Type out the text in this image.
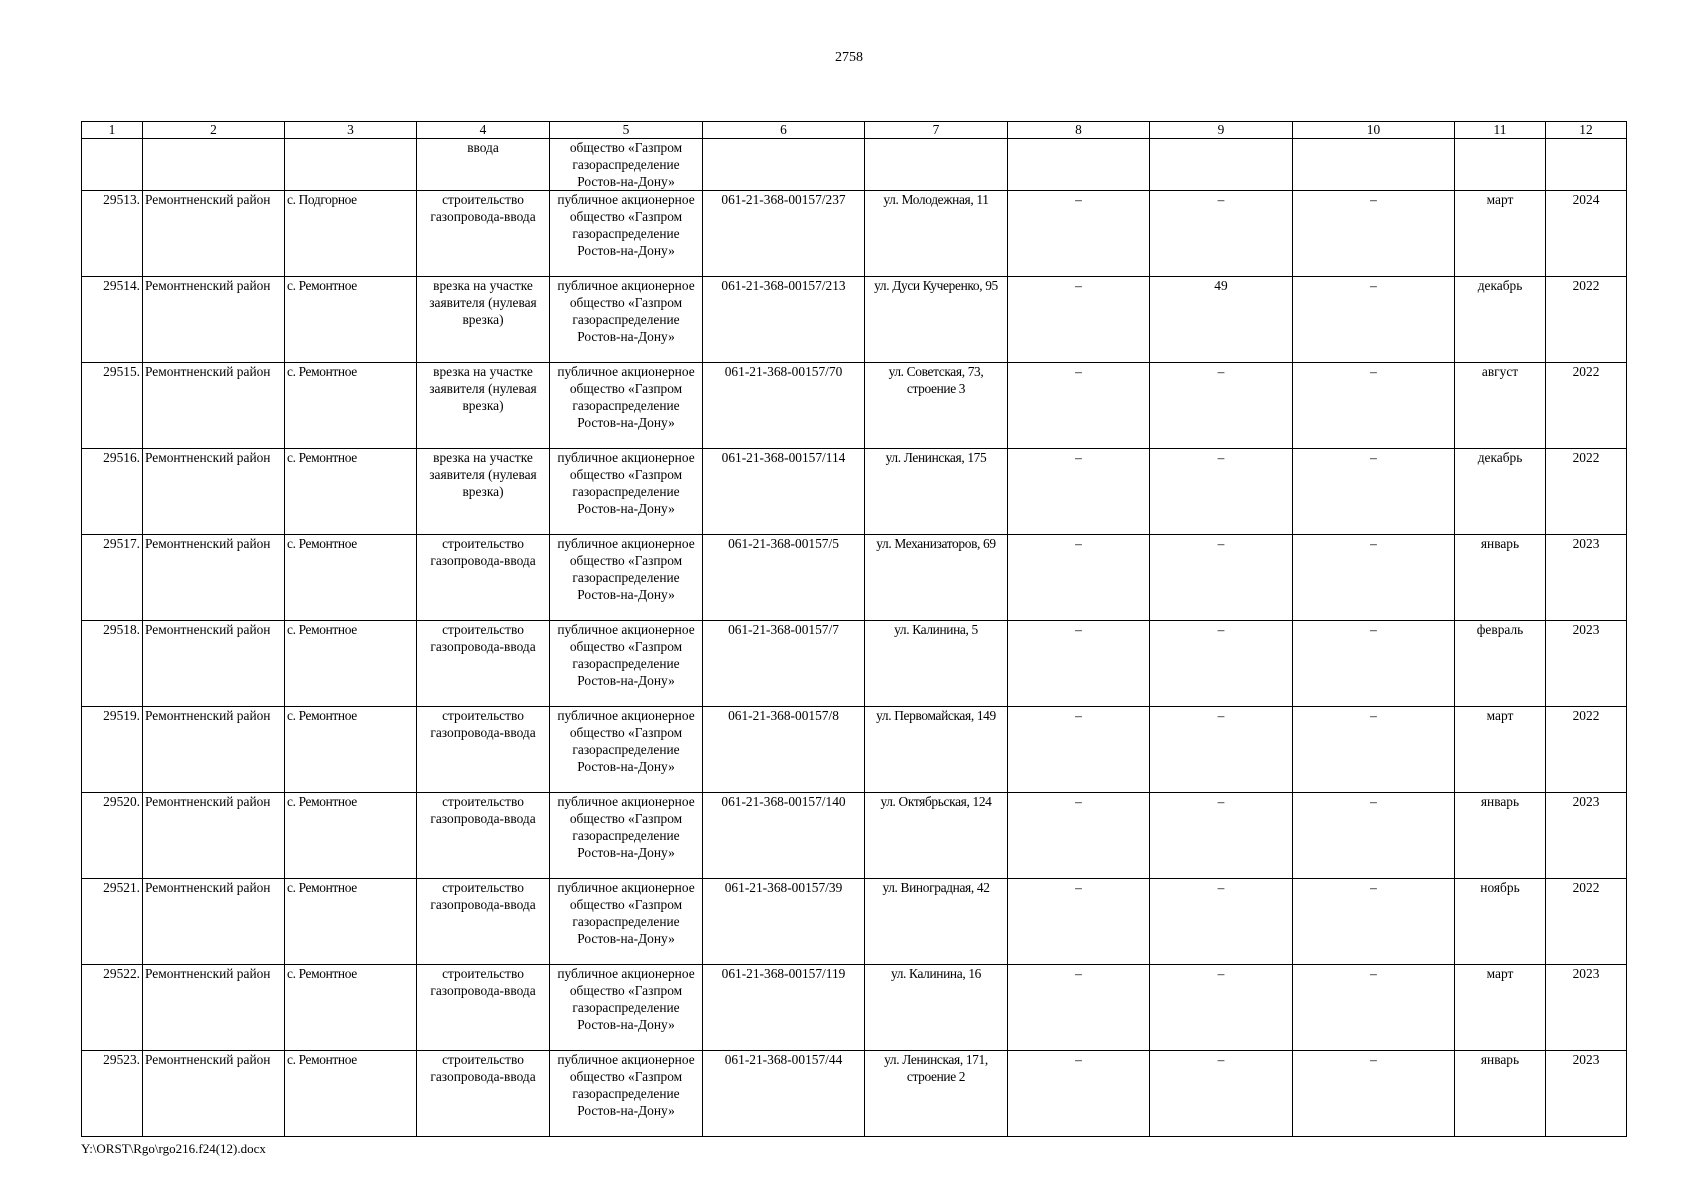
2758
1	2	3	4	5	6	7	8	9	10	11	12
			ввода	общество «Газпром газораспределение Ростов-на-Дону»							
29513.	Ремонтненский район	с. Подгорное	строительство газопровода-ввода	публичное акционерное общество «Газпром газораспределение Ростов-на-Дону»	061-21-368-00157/237	ул. Молодежная, 11	–	–	–	март	2024
29514.	Ремонтненский район	с. Ремонтное	врезка на участке заявителя (нулевая врезка)	публичное акционерное общество «Газпром газораспределение Ростов-на-Дону»	061-21-368-00157/213	ул. Дуси Кучеренко, 95	–	49	–	декабрь	2022
29515.	Ремонтненский район	с. Ремонтное	врезка на участке заявителя (нулевая врезка)	публичное акционерное общество «Газпром газораспределение Ростов-на-Дону»	061-21-368-00157/70	ул. Советская, 73, строение 3	–	–	–	август	2022
29516.	Ремонтненский район	с. Ремонтное	врезка на участке заявителя (нулевая врезка)	публичное акционерное общество «Газпром газораспределение Ростов-на-Дону»	061-21-368-00157/114	ул. Ленинская, 175	–	–	–	декабрь	2022
29517.	Ремонтненский район	с. Ремонтное	строительство газопровода-ввода	публичное акционерное общество «Газпром газораспределение Ростов-на-Дону»	061-21-368-00157/5	ул. Механизаторов, 69	–	–	–	январь	2023
29518.	Ремонтненский район	с. Ремонтное	строительство газопровода-ввода	публичное акционерное общество «Газпром газораспределение Ростов-на-Дону»	061-21-368-00157/7	ул. Калинина, 5	–	–	–	февраль	2023
29519.	Ремонтненский район	с. Ремонтное	строительство газопровода-ввода	публичное акционерное общество «Газпром газораспределение Ростов-на-Дону»	061-21-368-00157/8	ул. Первомайская, 149	–	–	–	март	2022
29520.	Ремонтненский район	с. Ремонтное	строительство газопровода-ввода	публичное акционерное общество «Газпром газораспределение Ростов-на-Дону»	061-21-368-00157/140	ул. Октябрьская, 124	–	–	–	январь	2023
29521.	Ремонтненский район	с. Ремонтное	строительство газопровода-ввода	публичное акционерное общество «Газпром газораспределение Ростов-на-Дону»	061-21-368-00157/39	ул. Виноградная, 42	–	–	–	ноябрь	2022
29522.	Ремонтненский район	с. Ремонтное	строительство газопровода-ввода	публичное акционерное общество «Газпром газораспределение Ростов-на-Дону»	061-21-368-00157/119	ул. Калинина, 16	–	–	–	март	2023
29523.	Ремонтненский район	с. Ремонтное	строительство газопровода-ввода	публичное акционерное общество «Газпром газораспределение Ростов-на-Дону»	061-21-368-00157/44	ул. Ленинская, 171, строение 2	–	–	–	январь	2023
Y:\ORST\Rgo\rgo216.f24(12).docx
